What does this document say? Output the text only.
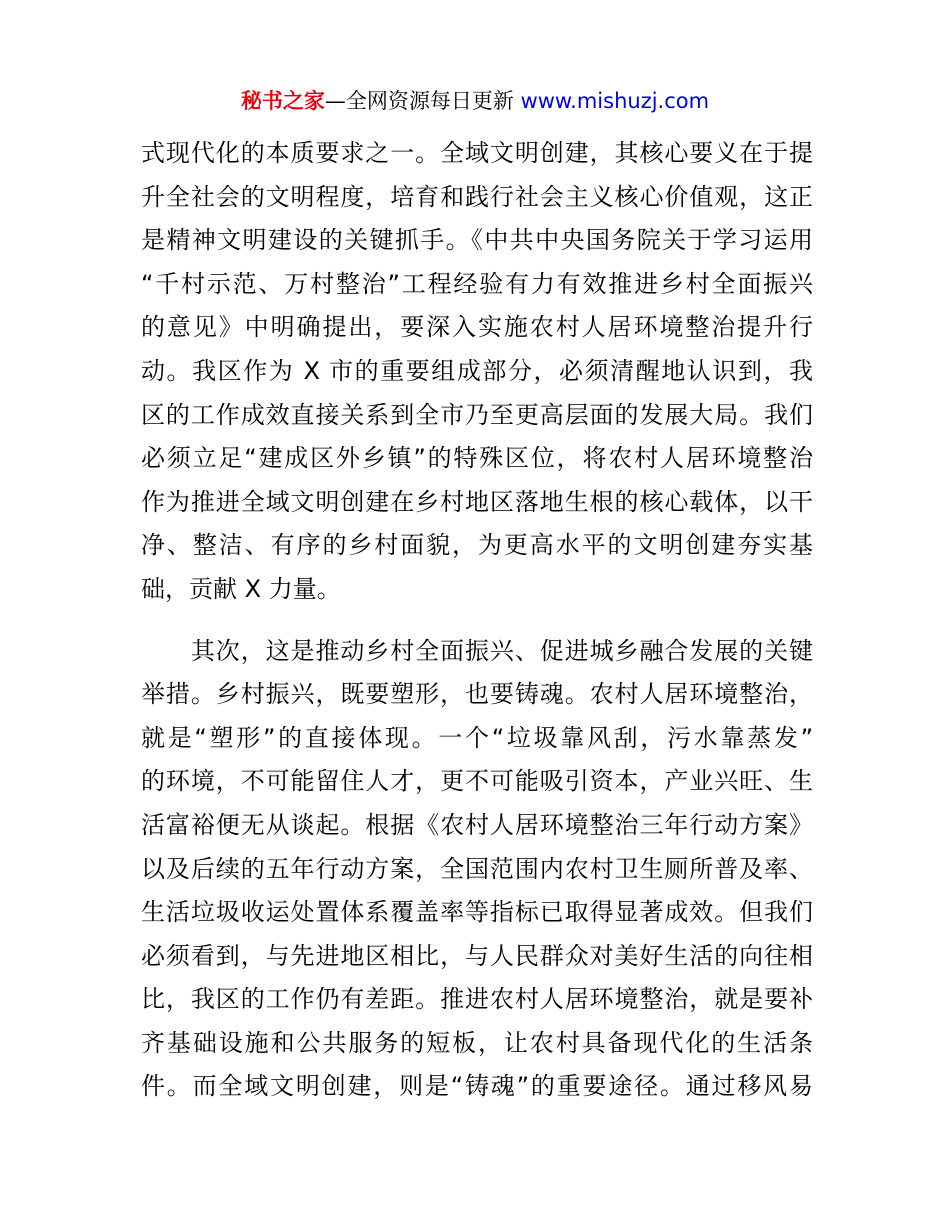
秘书之家—全网资源每日更新 www.mishuzj.com

式现代化的本质要求之一。全域文明创建，其核心要义在于提
升全社会的文明程度，培育和践行社会主义核心价值观，这正
是精神文明建设的关键抓手。《中共中央国务院关于学习运用
“千村示范、万村整治”工程经验有力有效推进乡村全面振兴
的意见》中明确提出，要深入实施农村人居环境整治提升行
动。我区作为 X 市的重要组成部分，必须清醒地认识到，我
区的工作成效直接关系到全市乃至更高层面的发展大局。我们
必须立足“建成区外乡镇”的特殊区位，将农村人居环境整治
作为推进全域文明创建在乡村地区落地生根的核心载体，以干
净、整洁、有序的乡村面貌，为更高水平的文明创建夯实基
础，贡献 X 力量。

　　其次，这是推动乡村全面振兴、促进城乡融合发展的关键
举措。乡村振兴，既要塑形，也要铸魂。农村人居环境整治，
就是“塑形”的直接体现。一个“垃圾靠风刮，污水靠蒸发”
的环境，不可能留住人才，更不可能吸引资本，产业兴旺、生
活富裕便无从谈起。根据《农村人居环境整治三年行动方案》
以及后续的五年行动方案，全国范围内农村卫生厕所普及率、
生活垃圾收运处置体系覆盖率等指标已取得显著成效。但我们
必须看到，与先进地区相比，与人民群众对美好生活的向往相
比，我区的工作仍有差距。推进农村人居环境整治，就是要补
齐基础设施和公共服务的短板，让农村具备现代化的生活条
件。而全域文明创建，则是“铸魂”的重要途径。通过移风易
